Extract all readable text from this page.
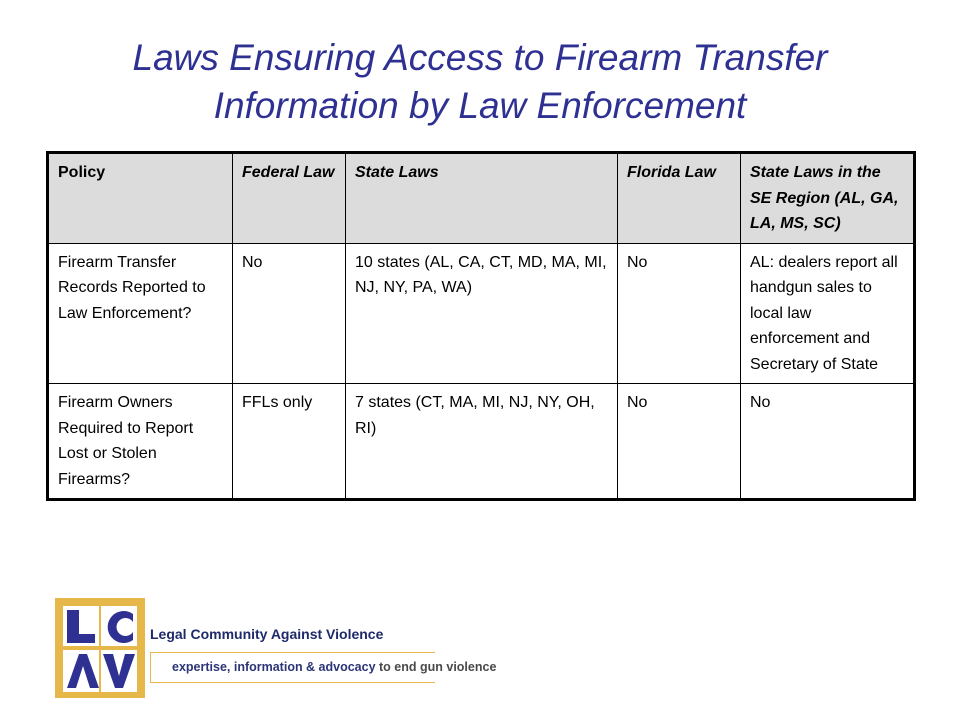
Laws Ensuring Access to Firearm Transfer
Information by Law Enforcement
Policy	Federal Law	State Laws	Florida Law	State Laws in the SE Region (AL, GA, LA, MS, SC)
Firearm Transfer Records Reported to Law Enforcement?	No	10 states (AL, CA, CT, MD, MA, MI, NJ, NY, PA, WA)	No	AL: dealers report all handgun sales to local law enforcement and Secretary of State
Firearm Owners Required to Report Lost or Stolen Firearms?	FFLs only	7 states (CT, MA, MI, NJ, NY, OH, RI)	No	No
Legal Community Against Violence
expertise, information & advocacy to end gun violence
